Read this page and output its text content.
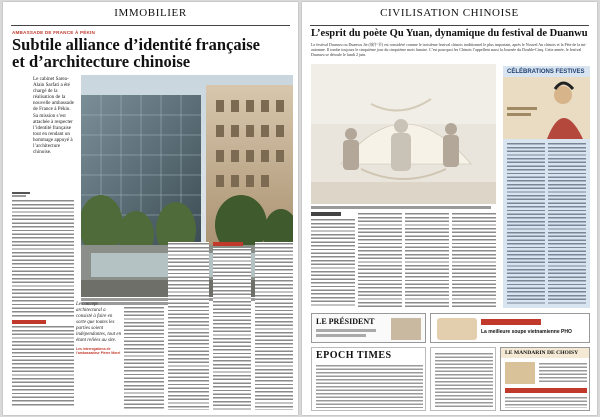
IMMOBILIER
AMBASSADE DE FRANCE À PÉKIN
Subtile alliance d’identité française et d’architecture chinoise
Le cabinet Sarea-Alain Sarfati a été chargé de la réalisation de la nouvelle ambassade de France à Pékin. Sa mission s’est attachée à respecter l’identité française tout en rendant un hommage appuyé à l’architecture chinoise.
Le concept architectural a consisté à faire en sorte que toutes les parties soient indépendantes, tout en étant reliées au site.
Les interrogations de l’ambassadeur Pierre Morel
CIVILISATION CHINOISE
L’esprit du poète Qu Yuan, dynamique du festival de Duanwu
Le festival Duanwu ou Duanwu Jie (端午节) est considéré comme le troisième festival chinois traditionnel le plus important, après le Nouvel An chinois et la Fête de la mi-automne. Il tombe toujours le cinquième jour du cinquième mois lunaire. C’est pourquoi les Chinois l’appellent aussi la Journée du Double-Cinq. Cette année, le festival Duanwu se déroule le lundi 2 juin.
CÉLÉBRATIONS FESTIVES
LE PRÉSIDENT
La meilleure soupe vietnamienne PHO
EPOCH TIMES	LE MANDARIN DE CHOISY
